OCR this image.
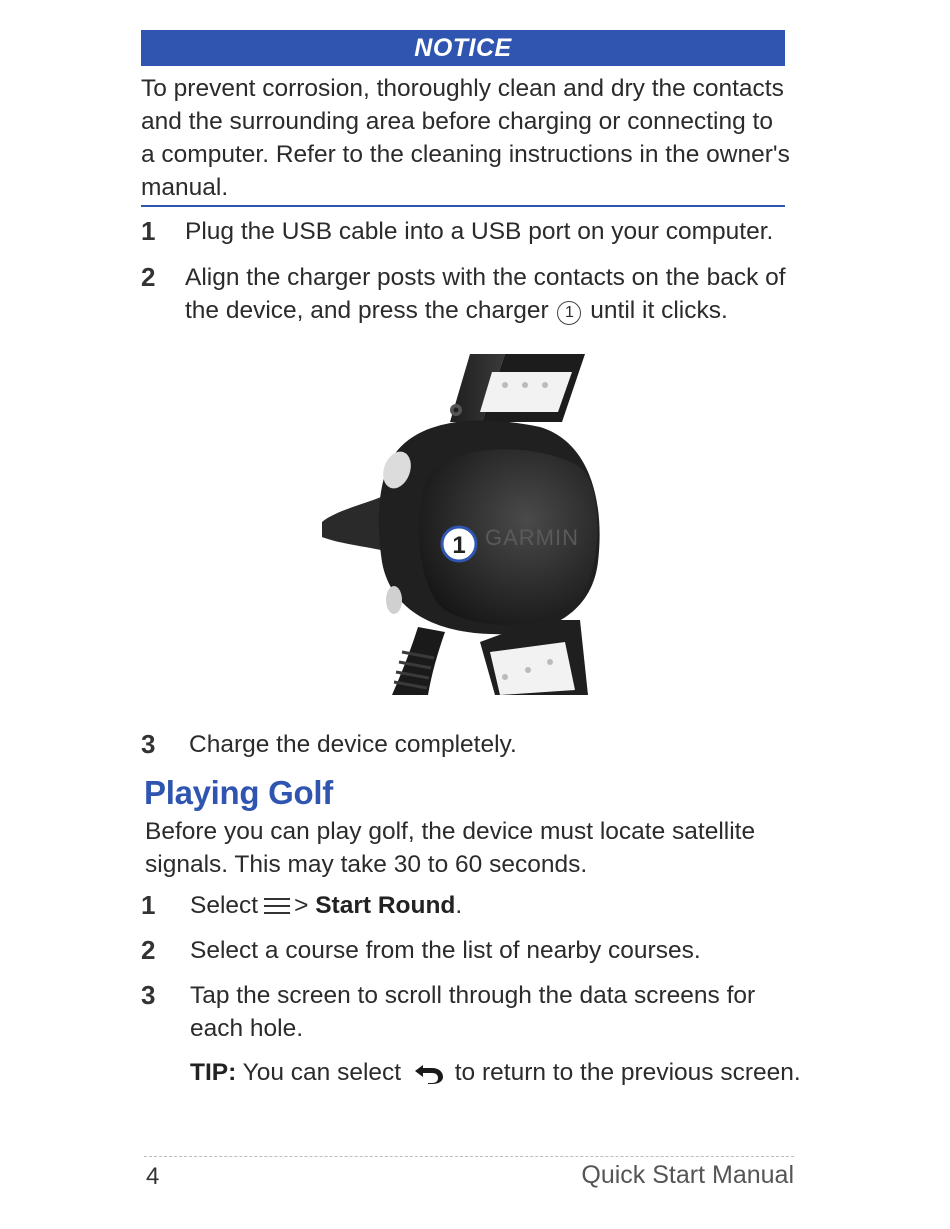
NOTICE
To prevent corrosion, thoroughly clean and dry the contacts and the surrounding area before charging or connecting to a computer. Refer to the cleaning instructions in the owner's manual.
1	Plug the USB cable into a USB port on your computer.
2	Align the charger posts with the contacts on the back of the device, and press the charger 1 until it clicks.
GARMIN
1
3	Charge the device completely.
Playing Golf
Before you can play golf, the device must locate satellite signals. This may take 30 to 60 seconds.
1	Select > Start Round.
2	Select a course from the list of nearby courses.
3	Tap the screen to scroll through the data screens for each hole.
TIP: You can select to return to the previous screen.
4	Quick Start Manual
